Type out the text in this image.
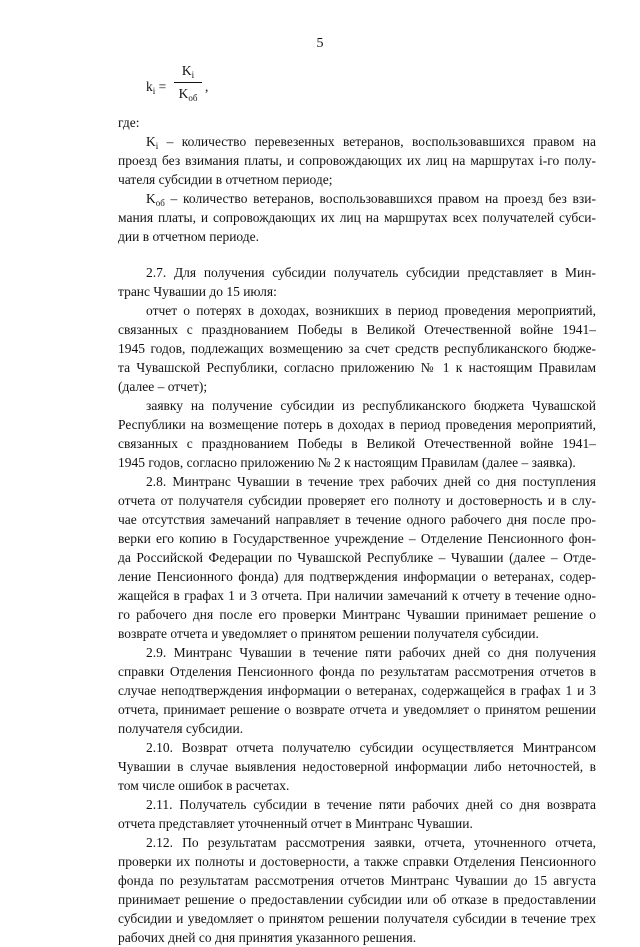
5
$k_i$ =
$K_i$
$K_{об}$
,
где:
$K_i$ – количество перевезенных ветеранов, воспользовавшихся правом на
проезд без взимания платы, и сопровождающих их лиц на маршрутах i-го полу-
чателя субсидии в отчетном периоде;
$K_{об}$ – количество ветеранов, воспользовавшихся правом на проезд без взи-
мания платы, и сопровождающих их лиц на маршрутах всех получателей субси-
дии в отчетном периоде.
2.7. Для получения субсидии получатель субсидии представляет в Мин-
транс Чувашии до 15 июля:
отчет о потерях в доходах, возникших в период проведения мероприятий,
связанных с празднованием Победы в Великой Отечественной войне 1941–
1945 годов, подлежащих возмещению за счет средств республиканского бюдже-
та Чувашской Республики, согласно приложению № 1 к настоящим Правилам
(далее – отчет);
заявку на получение субсидии из республиканского бюджета Чувашской
Республики на возмещение потерь в доходах в период проведения мероприятий,
связанных с празднованием Победы в Великой Отечественной войне 1941–
1945 годов, согласно приложению № 2 к настоящим Правилам (далее – заявка).
2.8. Минтранс Чувашии в течение трех рабочих дней со дня поступления
отчета от получателя субсидии проверяет его полноту и достоверность и в слу-
чае отсутствия замечаний направляет в течение одного рабочего дня после про-
верки его копию в Государственное учреждение – Отделение Пенсионного фон-
да Российской Федерации по Чувашской Республике – Чувашии (далее – Отде-
ление Пенсионного фонда) для подтверждения информации о ветеранах, содер-
жащейся в графах 1 и 3 отчета. При наличии замечаний к отчету в течение одно-
го рабочего дня после его проверки Минтранс Чувашии принимает решение о
возврате отчета и уведомляет о принятом решении получателя субсидии.
2.9. Минтранс Чувашии в течение пяти рабочих дней со дня получения
справки Отделения Пенсионного фонда по результатам рассмотрения отчетов в
случае неподтверждения информации о ветеранах, содержащейся в графах 1 и 3
отчета, принимает решение о возврате отчета и уведомляет о принятом решении
получателя субсидии.
2.10. Возврат отчета получателю субсидии осуществляется Минтрансом
Чувашии в случае выявления недостоверной информации либо неточностей, в
том числе ошибок в расчетах.
2.11. Получатель субсидии в течение пяти рабочих дней со дня возврата
отчета представляет уточненный отчет в Минтранс Чувашии.
2.12. По результатам рассмотрения заявки, отчета, уточненного отчета,
проверки их полноты и достоверности, а также справки Отделения Пенсионного
фонда по результатам рассмотрения отчетов Минтранс Чувашии до 15 августа
принимает решение о предоставлении субсидии или об отказе в предоставлении
субсидии и уведомляет о принятом решении получателя субсидии в течение трех
рабочих дней со дня принятия указанного решения.
